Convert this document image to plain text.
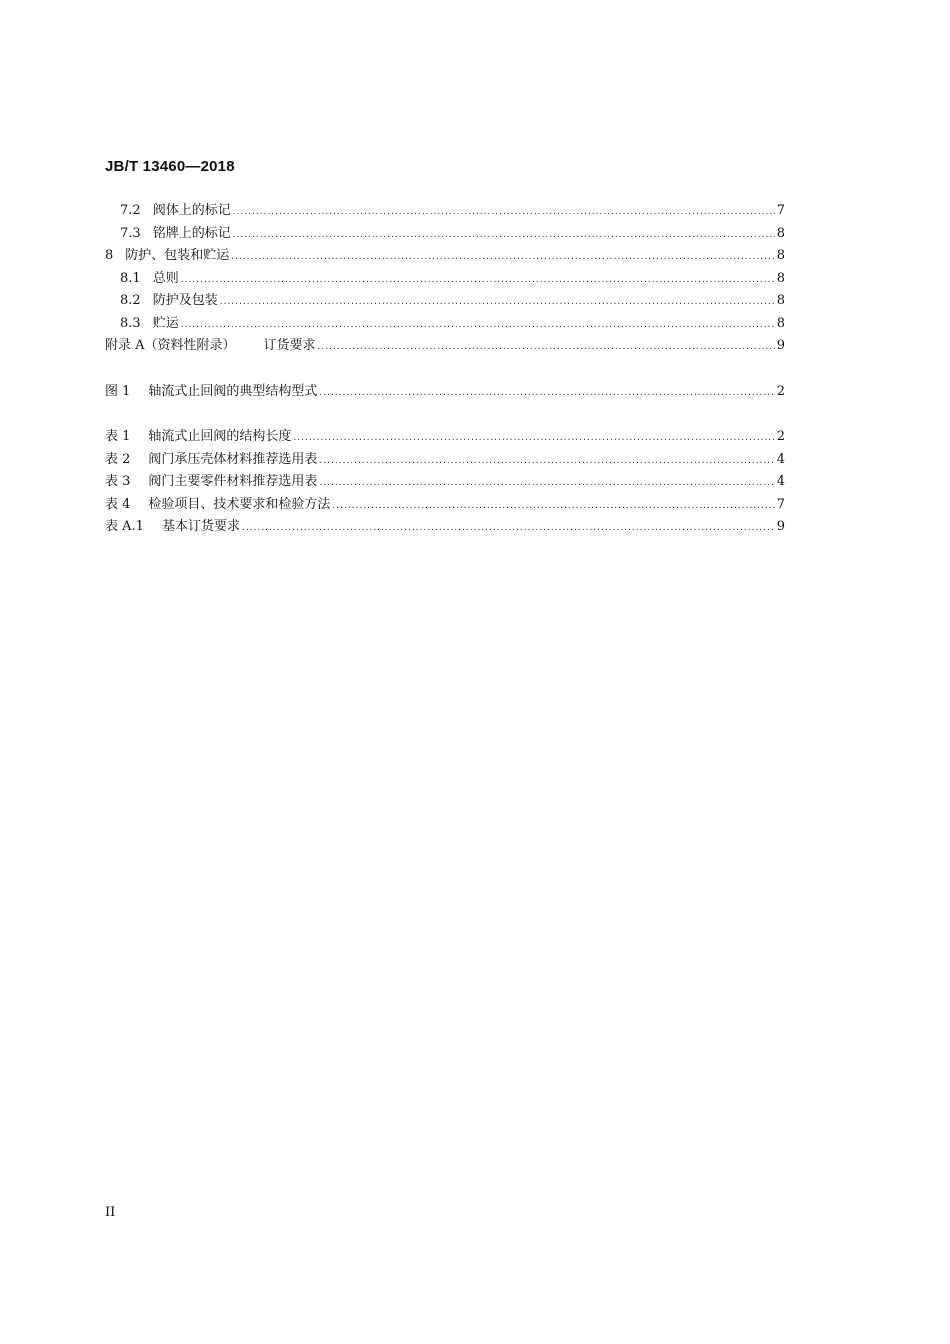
JB/T 13460—2018
7.2 阀体上的标记 .....	7
7.3 铭牌上的标记 .....	8
8 防护、包装和贮运 .....	8
8.1 总则 .....	8
8.2 防护及包装 .....	8
8.3 贮运 .....	8
附录 A（资料性附录） 订货要求 .....	9
图 1 轴流式止回阀的典型结构型式 .....	2
表 1 轴流式止回阀的结构长度 .....	2
表 2 阀门承压壳体材料推荐选用表 .....	4
表 3 阀门主要零件材料推荐选用表 .....	4
表 4 检验项目、技术要求和检验方法 .....	7
表 A.1 基本订货要求 .....	9
II
